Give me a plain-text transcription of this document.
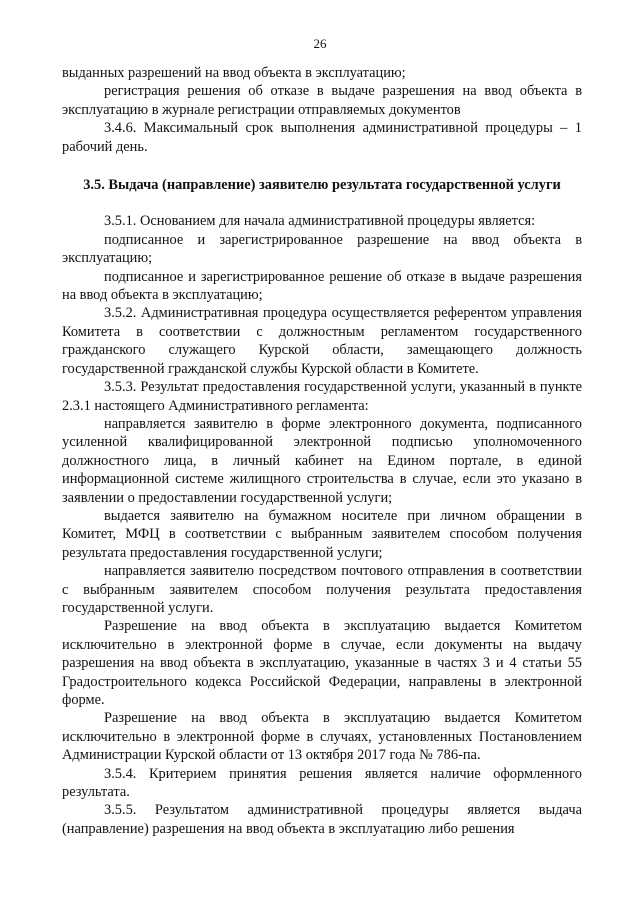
26

выданных разрешений на ввод объекта в эксплуатацию;

регистрация решения об отказе в выдаче разрешения на ввод объекта в эксплуатацию в журнале регистрации отправляемых документов

3.4.6. Максимальный срок выполнения административной процедуры – 1 рабочий день.

3.5. Выдача (направление) заявителю результата государственной услуги

3.5.1. Основанием для начала административной процедуры является:

подписанное и зарегистрированное разрешение на ввод объекта в эксплуатацию;

подписанное и зарегистрированное решение об отказе в выдаче разрешения на ввод объекта в эксплуатацию;

3.5.2. Административная процедура осуществляется референтом управления Комитета в соответствии с должностным регламентом государственного гражданского служащего Курской области, замещающего должность государственной гражданской службы Курской области в Комитете.

3.5.3. Результат предоставления государственной услуги, указанный в пункте 2.3.1 настоящего Административного регламента:

направляется заявителю в форме электронного документа, подписанного усиленной квалифицированной электронной подписью уполномоченного должностного лица, в личный кабинет на Едином портале, в единой информационной системе жилищного строительства в случае, если это указано в заявлении о предоставлении государственной услуги;

выдается заявителю на бумажном носителе при личном обращении в Комитет, МФЦ в соответствии с выбранным заявителем способом получения результата предоставления государственной услуги;

направляется заявителю посредством почтового отправления в соответствии с выбранным заявителем способом получения результата предоставления государственной услуги.

Разрешение на ввод объекта в эксплуатацию выдается Комитетом исключительно в электронной форме в случае, если документы на выдачу разрешения на ввод объекта в эксплуатацию, указанные в частях 3 и 4 статьи 55 Градостроительного кодекса Российской Федерации, направлены в электронной форме.

Разрешение на ввод объекта в эксплуатацию выдается Комитетом исключительно в электронной форме в случаях, установленных Постановлением Администрации Курской области от 13 октября 2017 года № 786-па.

3.5.4. Критерием принятия решения является наличие оформленного результата.

3.5.5. Результатом административной процедуры является выдача (направление) разрешения на ввод объекта в эксплуатацию либо решения
